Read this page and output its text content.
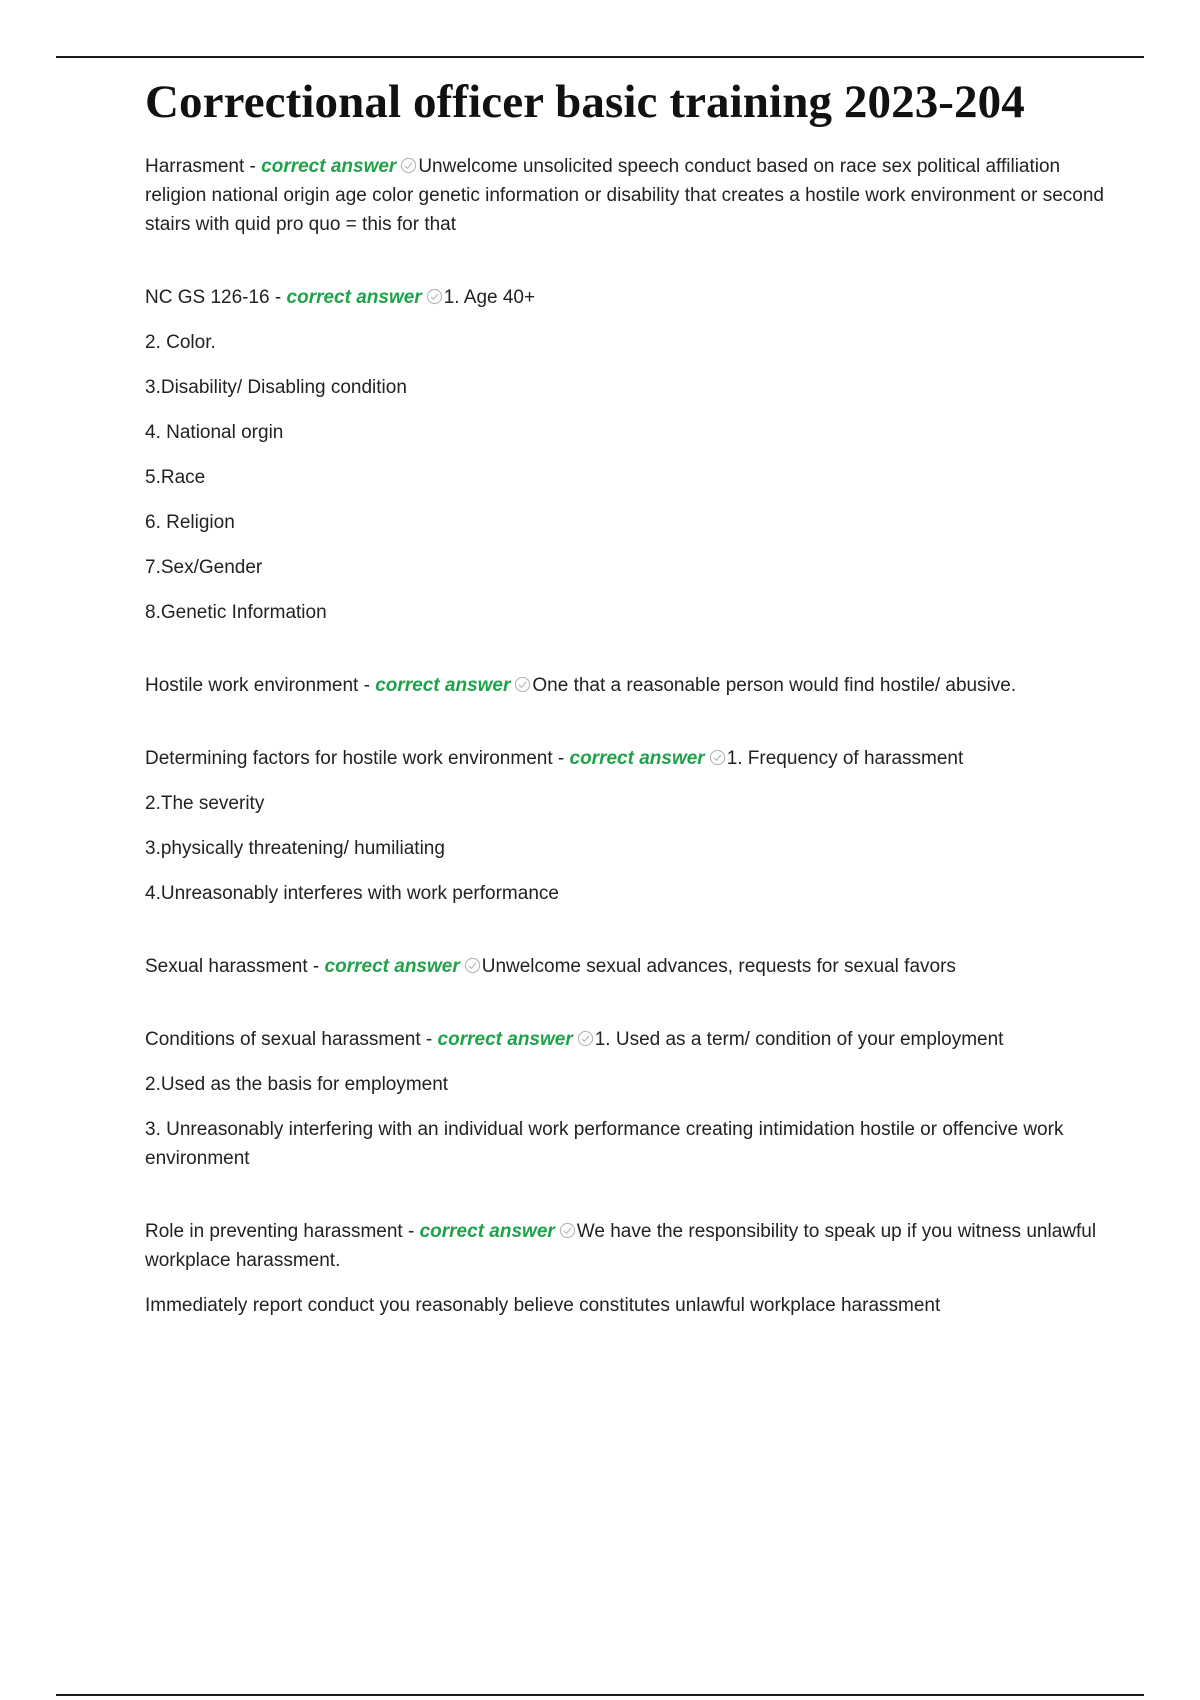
Correctional officer basic training 2023-204

Harrasment - correct answer Unwelcome unsolicited speech conduct based on race sex political affiliation religion national origin age color genetic information or disability that creates a hostile work environment or second stairs with quid pro quo = this for that

NC GS 126-16 - correct answer 1. Age 40+

2. Color.

3.Disability/ Disabling condition

4. National orgin

5.Race

6. Religion

7.Sex/Gender

8.Genetic Information

Hostile work environment - correct answer One that a reasonable person would find hostile/ abusive.

Determining factors for hostile work environment - correct answer 1. Frequency of harassment

2.The severity

3.physically threatening/ humiliating

4.Unreasonably interferes with work performance

Sexual harassment - correct answer Unwelcome sexual advances, requests for sexual favors

Conditions of sexual harassment - correct answer 1. Used as a term/ condition of your employment

2.Used as the basis for employment

3. Unreasonably interfering with an individual work performance creating intimidation hostile or offencive work environment

Role in preventing harassment - correct answer We have the responsibility to speak up if you witness unlawful workplace harassment.

Immediately report conduct you reasonably believe constitutes unlawful workplace harassment
